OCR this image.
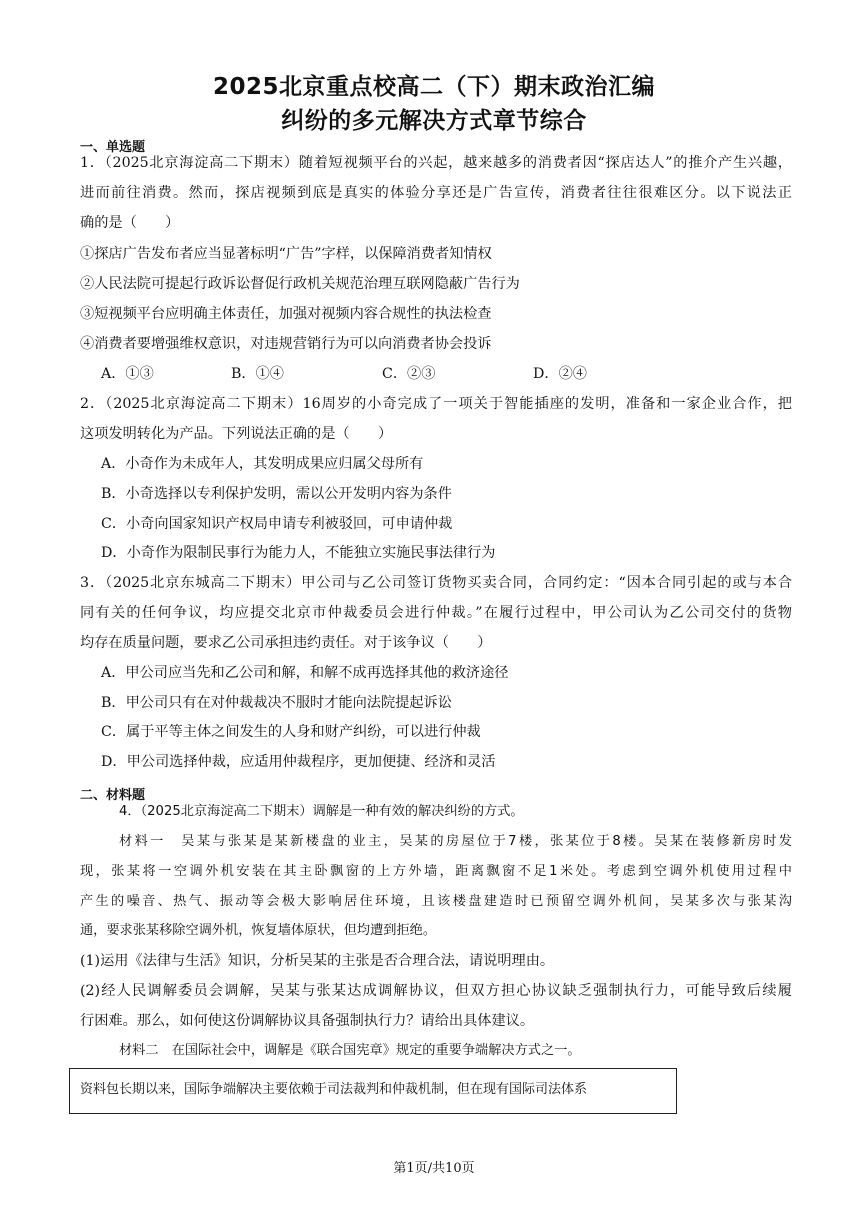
2025北京重点校高二（下）期末政治汇编
纠纷的多元解决方式章节综合
一、单选题
1．（2025北京海淀高二下期末）随着短视频平台的兴起，越来越多的消费者因“探店达人”的推介产生兴趣，
进而前往消费。然而，探店视频到底是真实的体验分享还是广告宣传，消费者往往很难区分。以下说法正
确的是（　　）
①探店广告发布者应当显著标明“广告”字样，以保障消费者知情权
②人民法院可提起行政诉讼督促行政机关规范治理互联网隐蔽广告行为
③短视频平台应明确主体责任，加强对视频内容合规性的执法检查
④消费者要增强维权意识，对违规营销行为可以向消费者协会投诉
A．①③	B．①④	C．②③	D．②④
2．（2025北京海淀高二下期末）16周岁的小奇完成了一项关于智能插座的发明，准备和一家企业合作，把
这项发明转化为产品。下列说法正确的是（　　）
A．小奇作为未成年人，其发明成果应归属父母所有
B．小奇选择以专利保护发明，需以公开发明内容为条件
C．小奇向国家知识产权局申请专利被驳回，可申请仲裁
D．小奇作为限制民事行为能力人，不能独立实施民事法律行为
3．（2025北京东城高二下期末）甲公司与乙公司签订货物买卖合同，合同约定：“因本合同引起的或与本合
同有关的任何争议，均应提交北京市仲裁委员会进行仲裁。”在履行过程中，甲公司认为乙公司交付的货物
均存在质量问题，要求乙公司承担违约责任。对于该争议（　　）
A．甲公司应当先和乙公司和解，和解不成再选择其他的救济途径
B．甲公司只有在对仲裁裁决不服时才能向法院提起诉讼
C．属于平等主体之间发生的人身和财产纠纷，可以进行仲裁
D．甲公司选择仲裁，应适用仲裁程序，更加便捷、经济和灵活
二、材料题
4．（2025北京海淀高二下期末）调解是一种有效的解决纠纷的方式。
材料一　吴某与张某是某新楼盘的业主，吴某的房屋位于7楼，张某位于8楼。吴某在装修新房时发
现，张某将一空调外机安装在其主卧飘窗的上方外墙，距离飘窗不足1米处。考虑到空调外机使用过程中
产生的噪音、热气、振动等会极大影响居住环境，且该楼盘建造时已预留空调外机间，吴某多次与张某沟
通，要求张某移除空调外机，恢复墙体原状，但均遭到拒绝。
(1)运用《法律与生活》知识，分析吴某的主张是否合理合法，请说明理由。
(2)经人民调解委员会调解，吴某与张某达成调解协议，但双方担心协议缺乏强制执行力，可能导致后续履
行困难。那么，如何使这份调解协议具备强制执行力？请给出具体建议。
材料二　在国际社会中，调解是《联合国宪章》规定的重要争端解决方式之一。
资料包长期以来，国际争端解决主要依赖于司法裁判和仲裁机制，但在现有国际司法体系
第1页/共10页
